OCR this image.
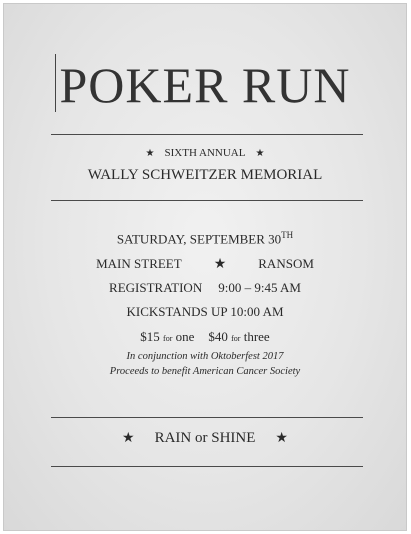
POKER RUN
★ SIXTH ANNUAL ★
WALLY SCHWEITZER MEMORIAL
SATURDAY, SEPTEMBER 30TH
MAIN STREET ★ RANSOM
REGISTRATION 9:00 – 9:45 AM
KICKSTANDS UP 10:00 AM
$15 for one $40 for three
In conjunction with Oktoberfest 2017
Proceeds to benefit American Cancer Society
★ RAIN or SHINE ★
